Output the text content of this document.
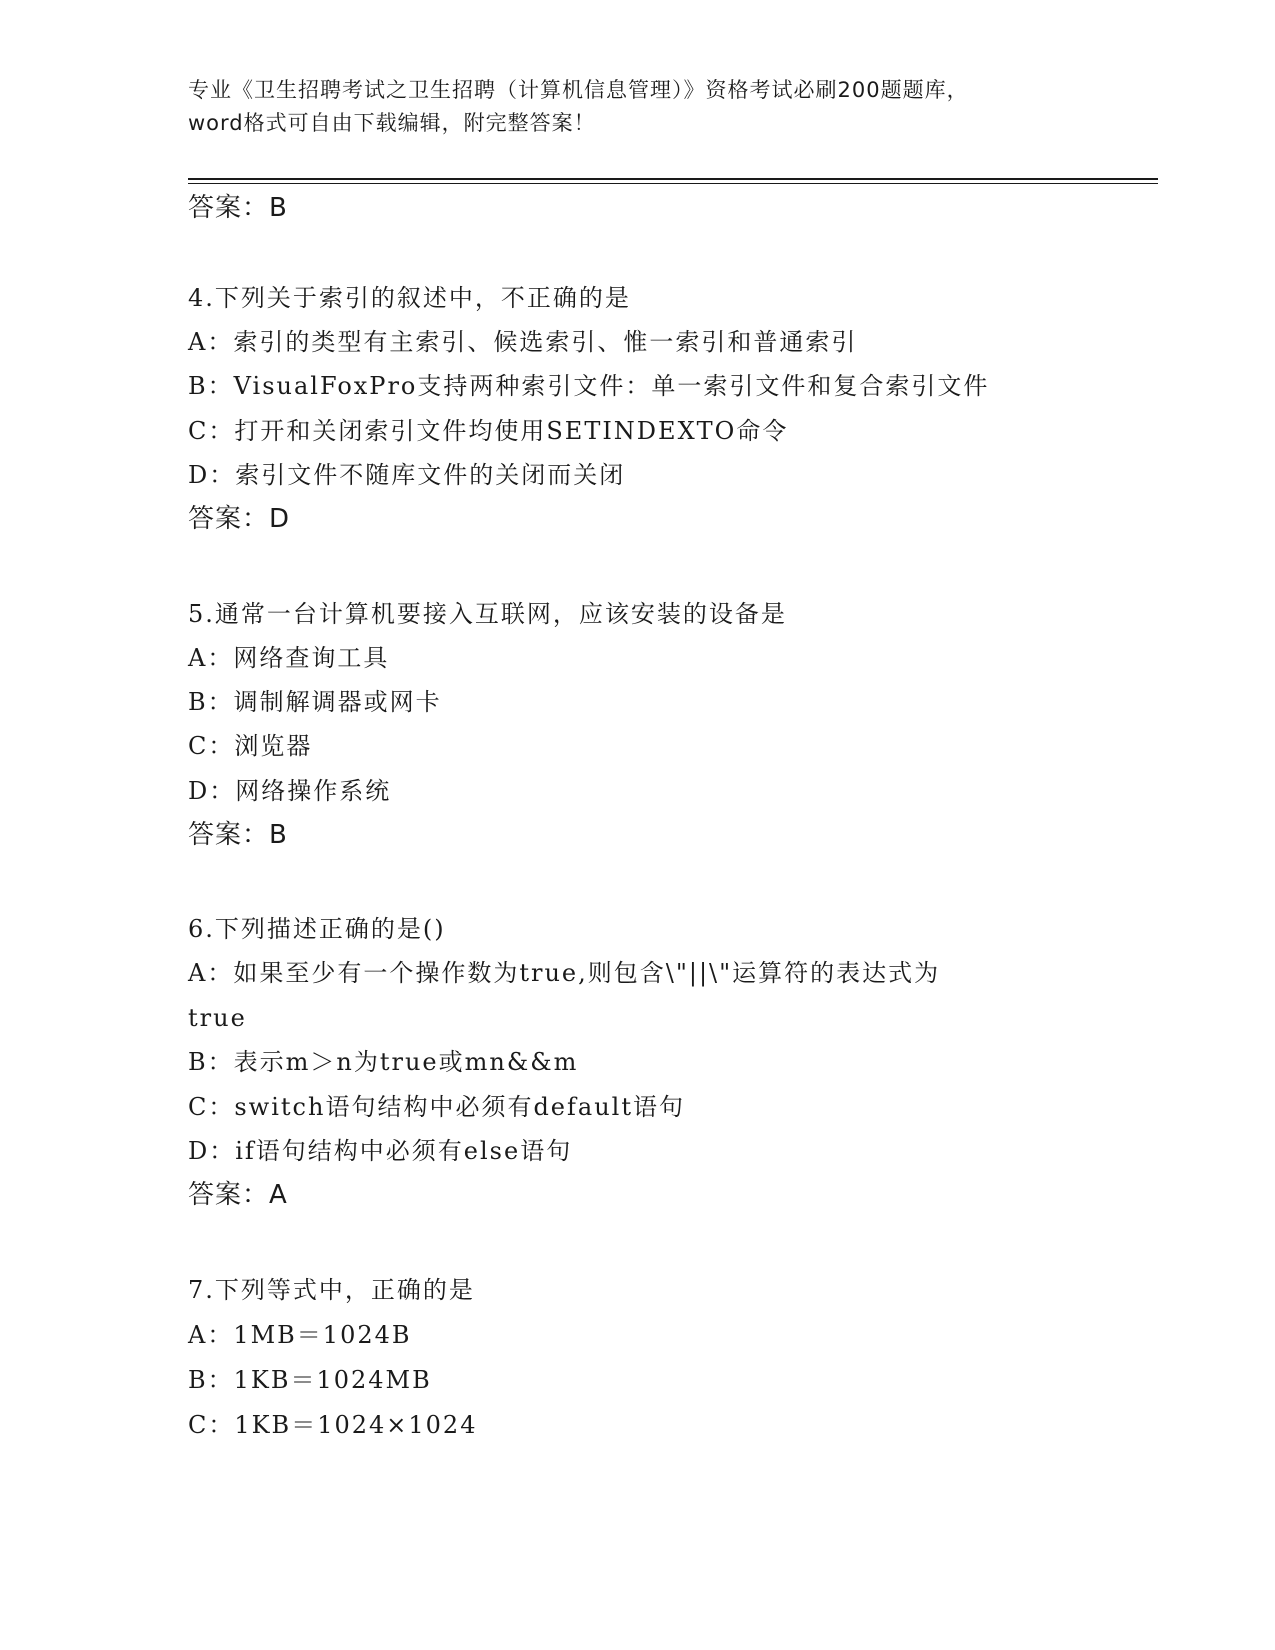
专业《卫生招聘考试之卫生招聘（计算机信息管理）》资格考试必刷200题题库，
word格式可自由下载编辑，附完整答案！
答案：B
4.下列关于索引的叙述中，不正确的是
A：索引的类型有主索引、候选索引、惟一索引和普通索引
B：VisualFoxPro支持两种索引文件：单一索引文件和复合索引文件
C：打开和关闭索引文件均使用SETINDEXTO命令
D：索引文件不随库文件的关闭而关闭
答案：D
5.通常一台计算机要接入互联网，应该安装的设备是
A：网络查询工具
B：调制解调器或网卡
C：浏览器
D：网络操作系统
答案：B
6.下列描述正确的是()
A：如果至少有一个操作数为true,则包含\"||\"运算符的表达式为
true
B：表示m＞n为true或mn&&m
C：switch语句结构中必须有default语句
D：if语句结构中必须有else语句
答案：A
7.下列等式中，正确的是
A：1MB＝1024B
B：1KB＝1024MB
C：1KB＝1024×1024
